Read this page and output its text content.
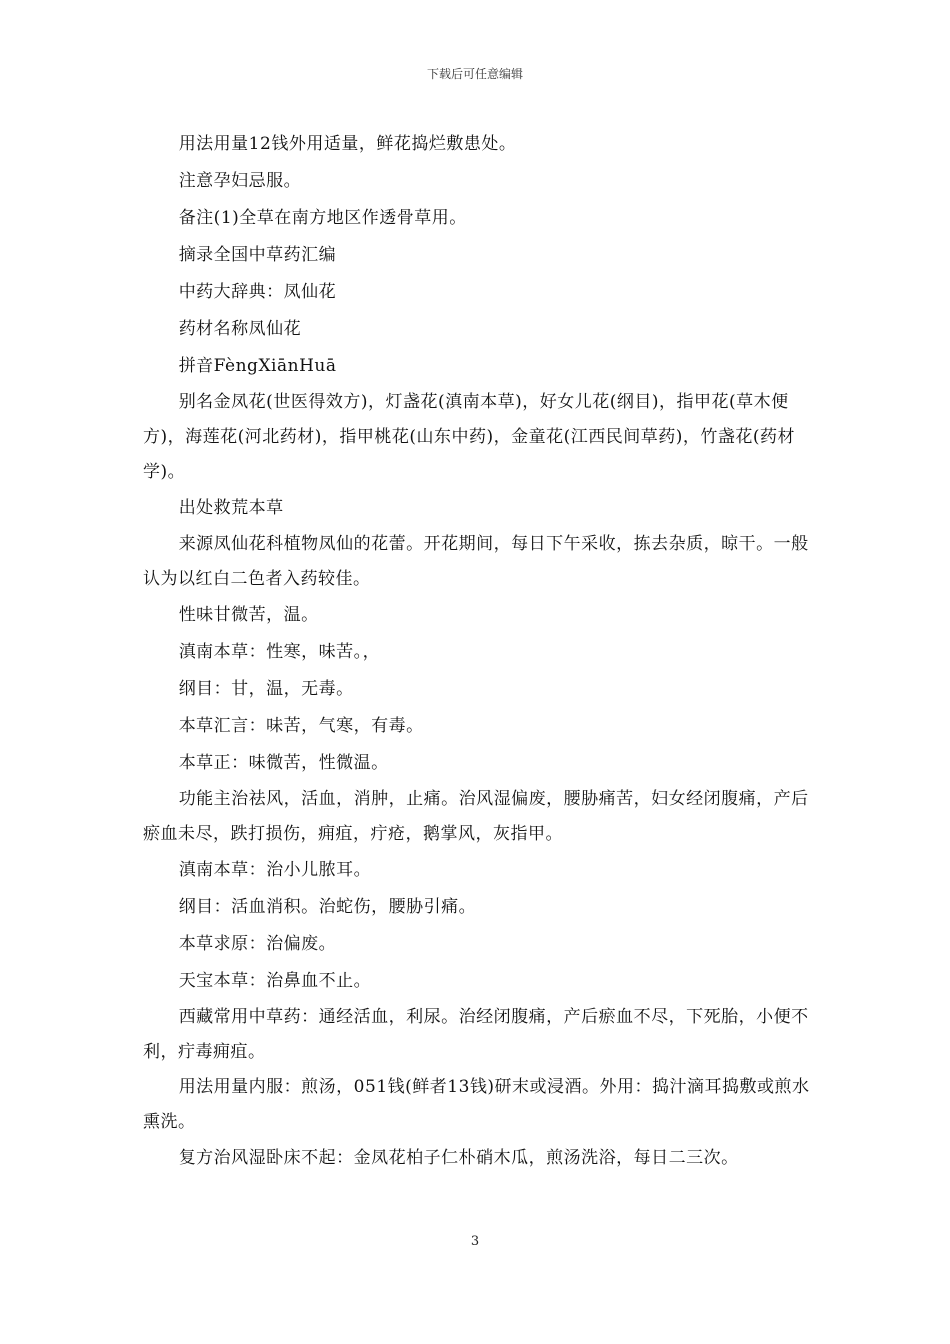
下载后可任意编辑

用法用量12钱外用适量，鲜花捣烂敷患处。

注意孕妇忌服。

备注(1)全草在南方地区作透骨草用。

摘录全国中草药汇编

中药大辞典：凤仙花

药材名称凤仙花

拼音FèngXiānHuā

别名金凤花(世医得效方)，灯盏花(滇南本草)，好女儿花(纲目)，指甲花(草木便方)，海莲花(河北药材)，指甲桃花(山东中药)，金童花(江西民间草药)，竹盏花(药材学)。

出处救荒本草

来源凤仙花科植物凤仙的花蕾。开花期间，每日下午采收，拣去杂质，晾干。一般认为以红白二色者入药较佳。

性味甘微苦，温。

滇南本草：性寒，味苦。，

纲目：甘，温，无毒。

本草汇言：味苦，气寒，有毒。

本草正：味微苦，性微温。

功能主治祛风，活血，消肿，止痛。治风湿偏废，腰胁痛苦，妇女经闭腹痛，产后瘀血未尽，跌打损伤，痈疽，疔疮，鹅掌风，灰指甲。

滇南本草：治小儿脓耳。

纲目：活血消积。治蛇伤，腰胁引痛。

本草求原：治偏废。

天宝本草：治鼻血不止。

西藏常用中草药：通经活血，利尿。治经闭腹痛，产后瘀血不尽，下死胎，小便不利，疔毒痈疽。

用法用量内服：煎汤，051钱(鲜者13钱)研末或浸酒。外用：捣汁滴耳捣敷或煎水熏洗。

复方治风湿卧床不起：金凤花柏子仁朴硝木瓜，煎汤洗浴，每日二三次。

3
